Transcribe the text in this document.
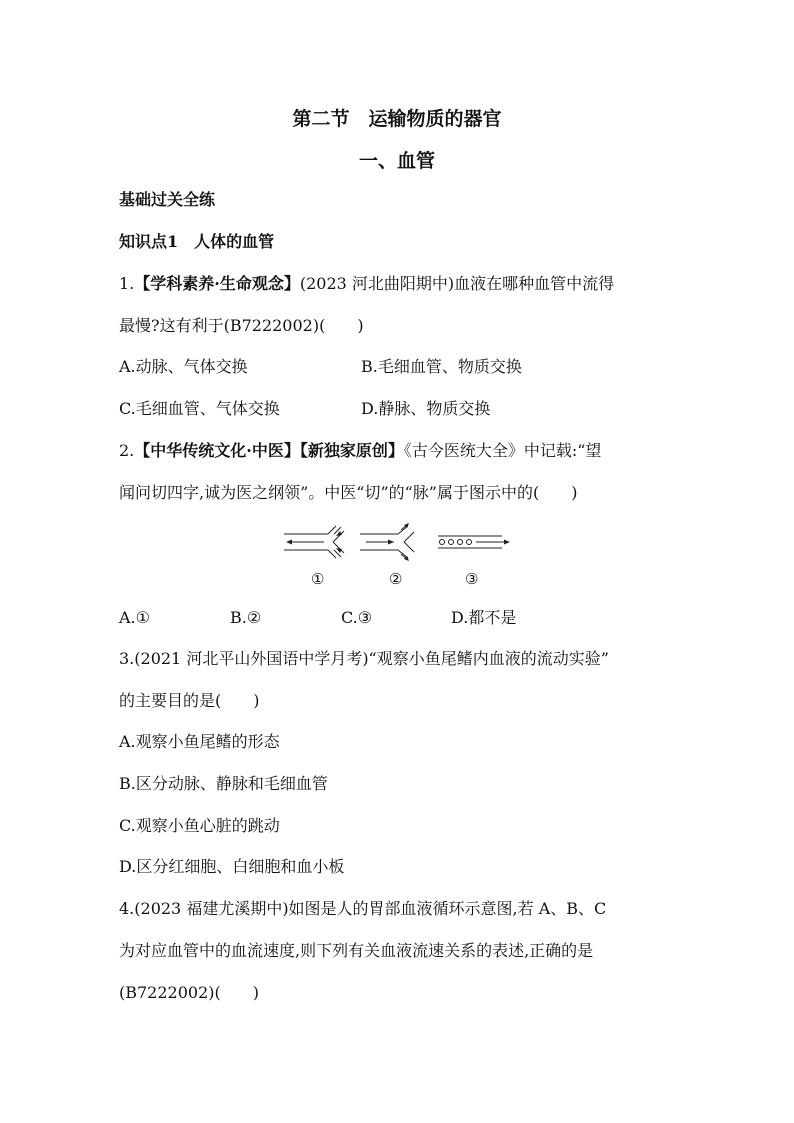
第二节　运输物质的器官
一、血管
基础过关全练
知识点1　人体的血管
1.【学科素养·生命观念】(2023 河北曲阳期中)血液在哪种血管中流得
最慢?这有利于(B7222002)(　　)
A.动脉、气体交换	B.毛细血管、物质交换
C.毛细血管、气体交换	D.静脉、物质交换
2.【中华传统文化·中医】【新独家原创】《古今医统大全》中记载:“望
闻问切四字,诚为医之纲领”。中医“切”的“脉”属于图示中的(　　)
①	②	③
A.①	B.②	C.③	D.都不是
3.(2021 河北平山外国语中学月考)“观察小鱼尾鳍内血液的流动实验”
的主要目的是(　　)
A.观察小鱼尾鳍的形态
B.区分动脉、静脉和毛细血管
C.观察小鱼心脏的跳动
D.区分红细胞、白细胞和血小板
4.(2023 福建尤溪期中)如图是人的胃部血液循环示意图,若 A、B、C
为对应血管中的血流速度,则下列有关血液流速关系的表述,正确的是
(B7222002)(　　)
